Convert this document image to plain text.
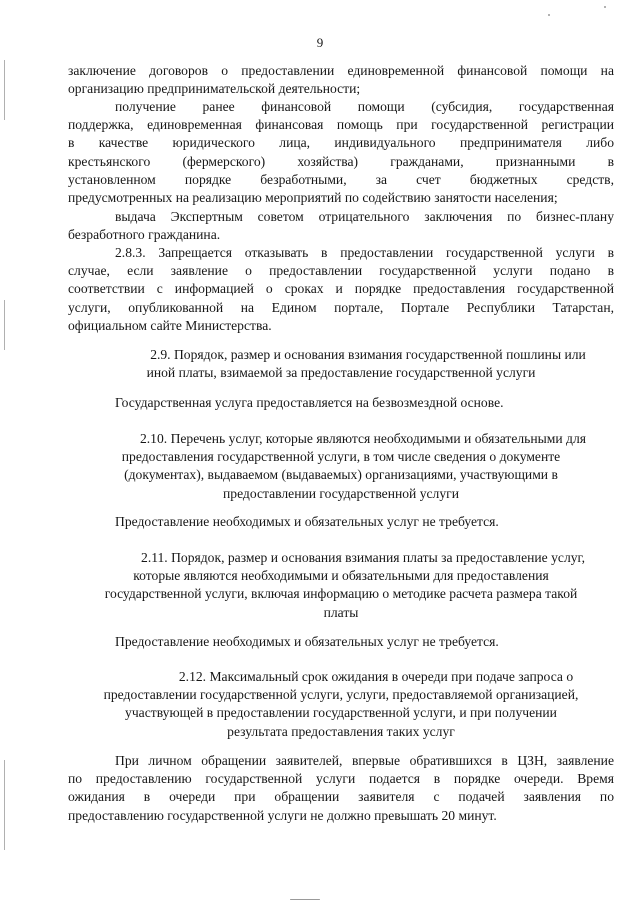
9
заключение договоров о предоставлении единовременной финансовой помощи на
организацию предпринимательской деятельности;
получение ранее финансовой помощи (субсидия, государственная
поддержка, единовременная финансовая помощь при государственной регистрации
в качестве юридического лица, индивидуального предпринимателя либо
крестьянского (фермерского) хозяйства) гражданами, признанными в
установленном порядке безработными, за счет бюджетных средств,
предусмотренных на реализацию мероприятий по содействию занятости населения;
выдача Экспертным советом отрицательного заключения по бизнес-плану
безработного гражданина.
2.8.3. Запрещается отказывать в предоставлении государственной услуги в
случае, если заявление о предоставлении государственной услуги подано в
соответствии с информацией о сроках и порядке предоставления государственной
услуги, опубликованной на Едином портале, Портале Республики Татарстан,
официальном сайте Министерства.
2.9. Порядок, размер и основания взимания государственной пошлины или
иной платы, взимаемой за предоставление государственной услуги
Государственная услуга предоставляется на безвозмездной основе.
2.10. Перечень услуг, которые являются необходимыми и обязательными для
предоставления государственной услуги, в том числе сведения о документе
(документах), выдаваемом (выдаваемых) организациями, участвующими в
предоставлении государственной услуги
Предоставление необходимых и обязательных услуг не требуется.
2.11. Порядок, размер и основания взимания платы за предоставление услуг,
которые являются необходимыми и обязательными для предоставления
государственной услуги, включая информацию о методике расчета размера такой
платы
Предоставление необходимых и обязательных услуг не требуется.
2.12. Максимальный срок ожидания в очереди при подаче запроса о
предоставлении государственной услуги, услуги, предоставляемой организацией,
участвующей в предоставлении государственной услуги, и при получении
результата предоставления таких услуг
При личном обращении заявителей, впервые обратившихся в ЦЗН, заявление
по предоставлению государственной услуги подается в порядке очереди. Время
ожидания в очереди при обращении заявителя с подачей заявления по
предоставлению государственной услуги не должно превышать 20 минут.
